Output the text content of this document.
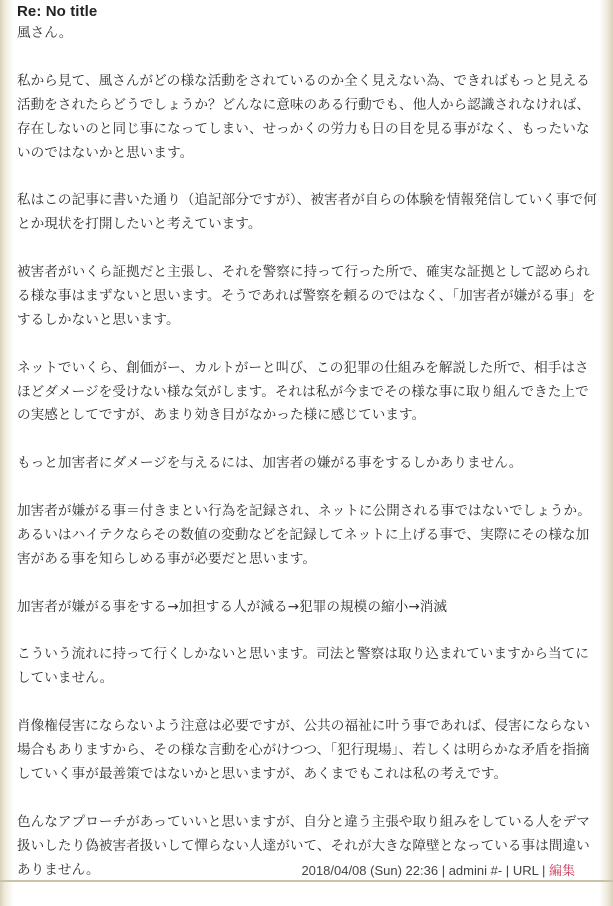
Re: No title

風さん。

私から見て、風さんがどの様な活動をされているのか全く見えない為、できればもっと見える活動をされたらどうでしょうか？どんなに意味のある行動でも、他人から認識されなければ、存在しないのと同じ事になってしまい、せっかくの労力も日の目を見る事がなく、もったいないのではないかと思います。

私はこの記事に書いた通り（追記部分ですが）、被害者が自らの体験を情報発信していく事で何とか現状を打開したいと考えています。

被害者がいくら証拠だと主張し、それを警察に持って行った所で、確実な証拠として認められる様な事はまずないと思います。そうであれば警察を頼るのではなく、「加害者が嫌がる事」をするしかないと思います。

ネットでいくら、創価がー、カルトがーと叫び、この犯罪の仕組みを解説した所で、相手はさほどダメージを受けない様な気がします。それは私が今までその様な事に取り組んできた上での実感としてですが、あまり効き目がなかった様に感じています。

もっと加害者にダメージを与えるには、加害者の嫌がる事をするしかありません。

加害者が嫌がる事＝付きまとい行為を記録され、ネットに公開される事ではないでしょうか。あるいはハイテクならその数値の変動などを記録してネットに上げる事で、実際にその様な加害がある事を知らしめる事が必要だと思います。

加害者が嫌がる事をする→加担する人が減る→犯罪の規模の縮小→消滅

こういう流れに持って行くしかないと思います。司法と警察は取り込まれていますから当てにしていません。

肖像権侵害にならないよう注意は必要ですが、公共の福祉に叶う事であれば、侵害にならない場合もありますから、その様な言動を心がけつつ、「犯行現場」、若しくは明らかな矛盾を指摘していく事が最善策ではないかと思いますが、あくまでもこれは私の考えです。

色んなアプローチがあっていいと思いますが、自分と違う主張や取り組みをしている人をデマ扱いしたり偽被害者扱いして憚らない人達がいて、それが大きな障壁となっている事は間違いありません。	2018/04/08 (Sun) 22:36 | admini #- | URL | 編集
